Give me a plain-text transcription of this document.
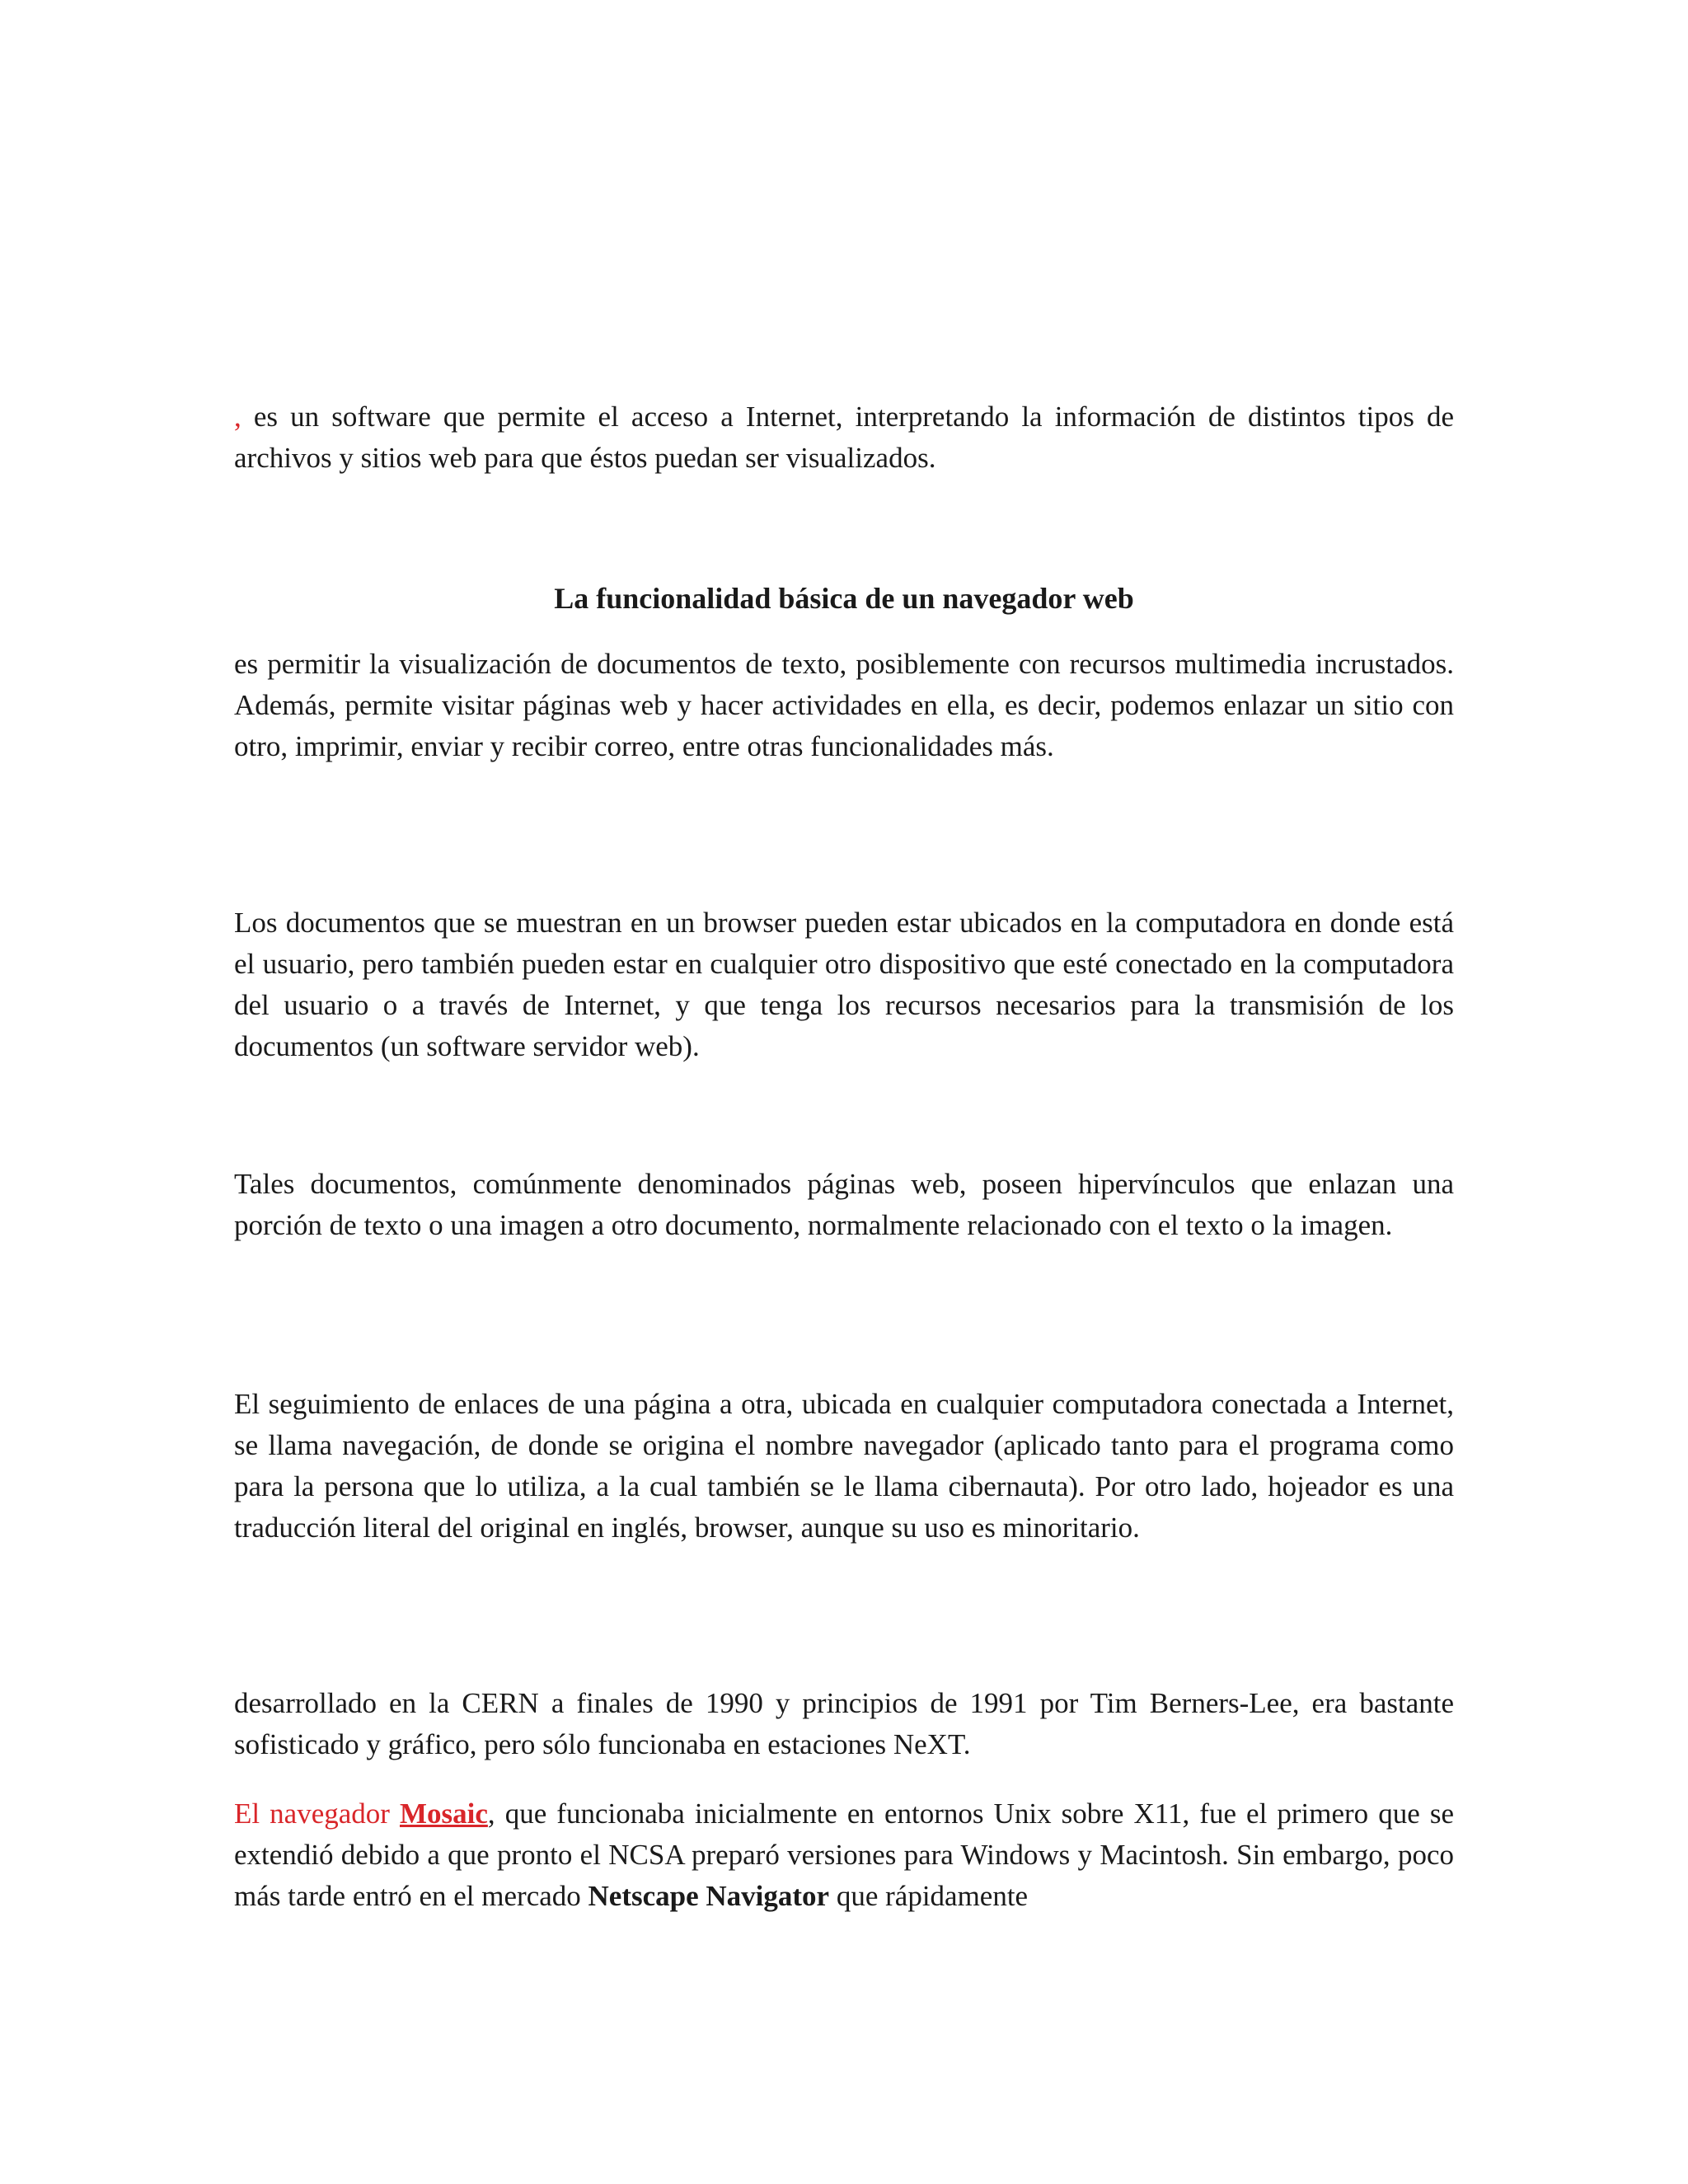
, es un software que permite el acceso a Internet, interpretando la información de distintos tipos de archivos y sitios web para que éstos puedan ser visualizados.

La funcionalidad básica de un navegador web

es permitir la visualización de documentos de texto, posiblemente con recursos multimedia incrustados. Además, permite visitar páginas web y hacer actividades en ella, es decir, podemos enlazar un sitio con otro, imprimir, enviar y recibir correo, entre otras funcionalidades más.

Los documentos que se muestran en un browser pueden estar ubicados en la computadora en donde está el usuario, pero también pueden estar en cualquier otro dispositivo que esté conectado en la computadora del usuario o a través de Internet, y que tenga los recursos necesarios para la transmisión de los documentos (un software servidor web).

Tales documentos, comúnmente denominados páginas web, poseen hipervínculos que enlazan una porción de texto o una imagen a otro documento, normalmente relacionado con el texto o la imagen.

El seguimiento de enlaces de una página a otra, ubicada en cualquier computadora conectada a Internet, se llama navegación, de donde se origina el nombre navegador (aplicado tanto para el programa como para la persona que lo utiliza, a la cual también se le llama cibernauta). Por otro lado, hojeador es una traducción literal del original en inglés, browser, aunque su uso es minoritario.

desarrollado en la CERN a finales de 1990 y principios de 1991 por Tim Berners-Lee, era bastante sofisticado y gráfico, pero sólo funcionaba en estaciones NeXT.

El navegador Mosaic, que funcionaba inicialmente en entornos Unix sobre X11, fue el primero que se extendió debido a que pronto el NCSA preparó versiones para Windows y Macintosh. Sin embargo, poco más tarde entró en el mercado Netscape Navigator que rápidamente
